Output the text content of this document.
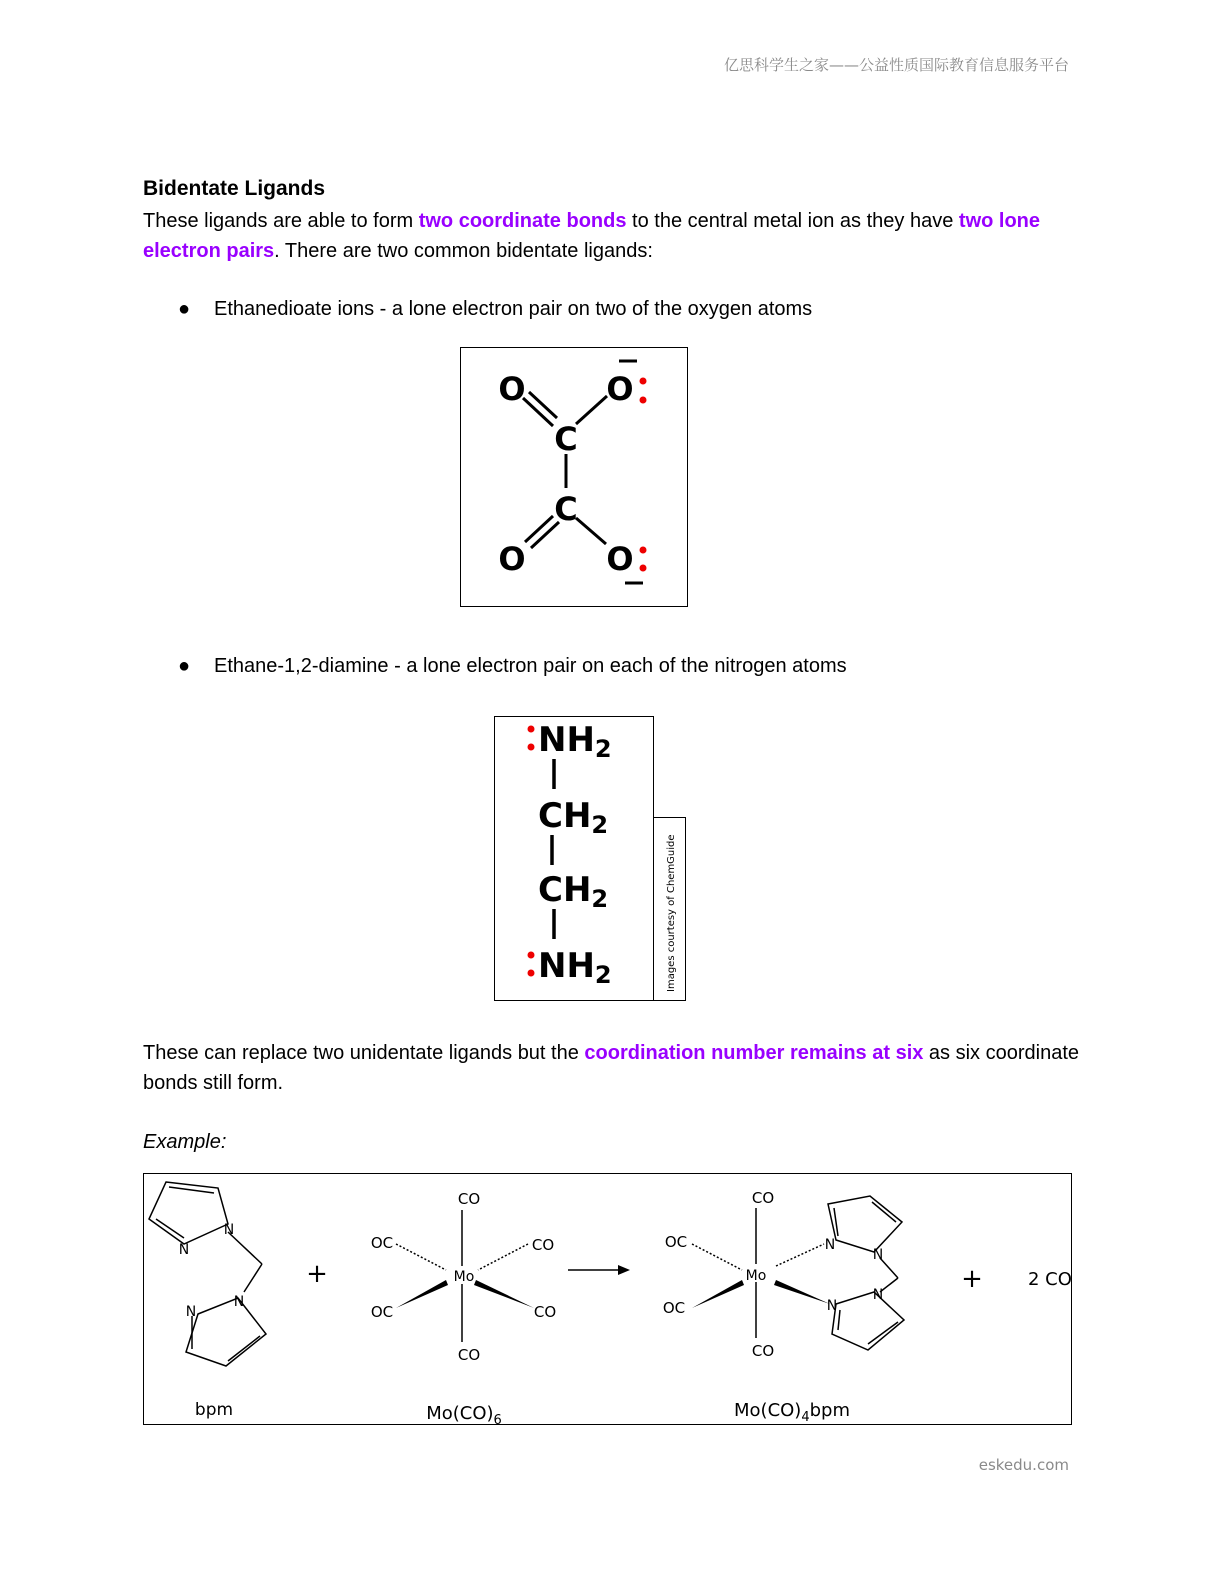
亿思科学生之家——公益性质国际教育信息服务平台
Bidentate Ligands
These ligands are able to form two coordinate bonds to the central metal ion as they have two lone electron pairs. There are two common bidentate ligands:
● Ethanedioate ions - a lone electron pair on two of the oxygen atoms
O	O
C
C
O	O
● Ethane-1,2-diamine - a lone electron pair on each of the nitrogen atoms
NH2
CH2
CH2
NH2	Images courtesy of ChemGuide
These can replace two unidentate ligands but the coordination number remains at six as six coordinate bonds still form.
Example:
N
N
N
N
bpm
+
CO
Mo
OC	CO
OC	CO
CO
$Mo(CO)_6$
CO
Mo
OC
OC
CO
N
N
N
N
$Mo(CO)_4bpm$
+	2 CO
eskedu.com
